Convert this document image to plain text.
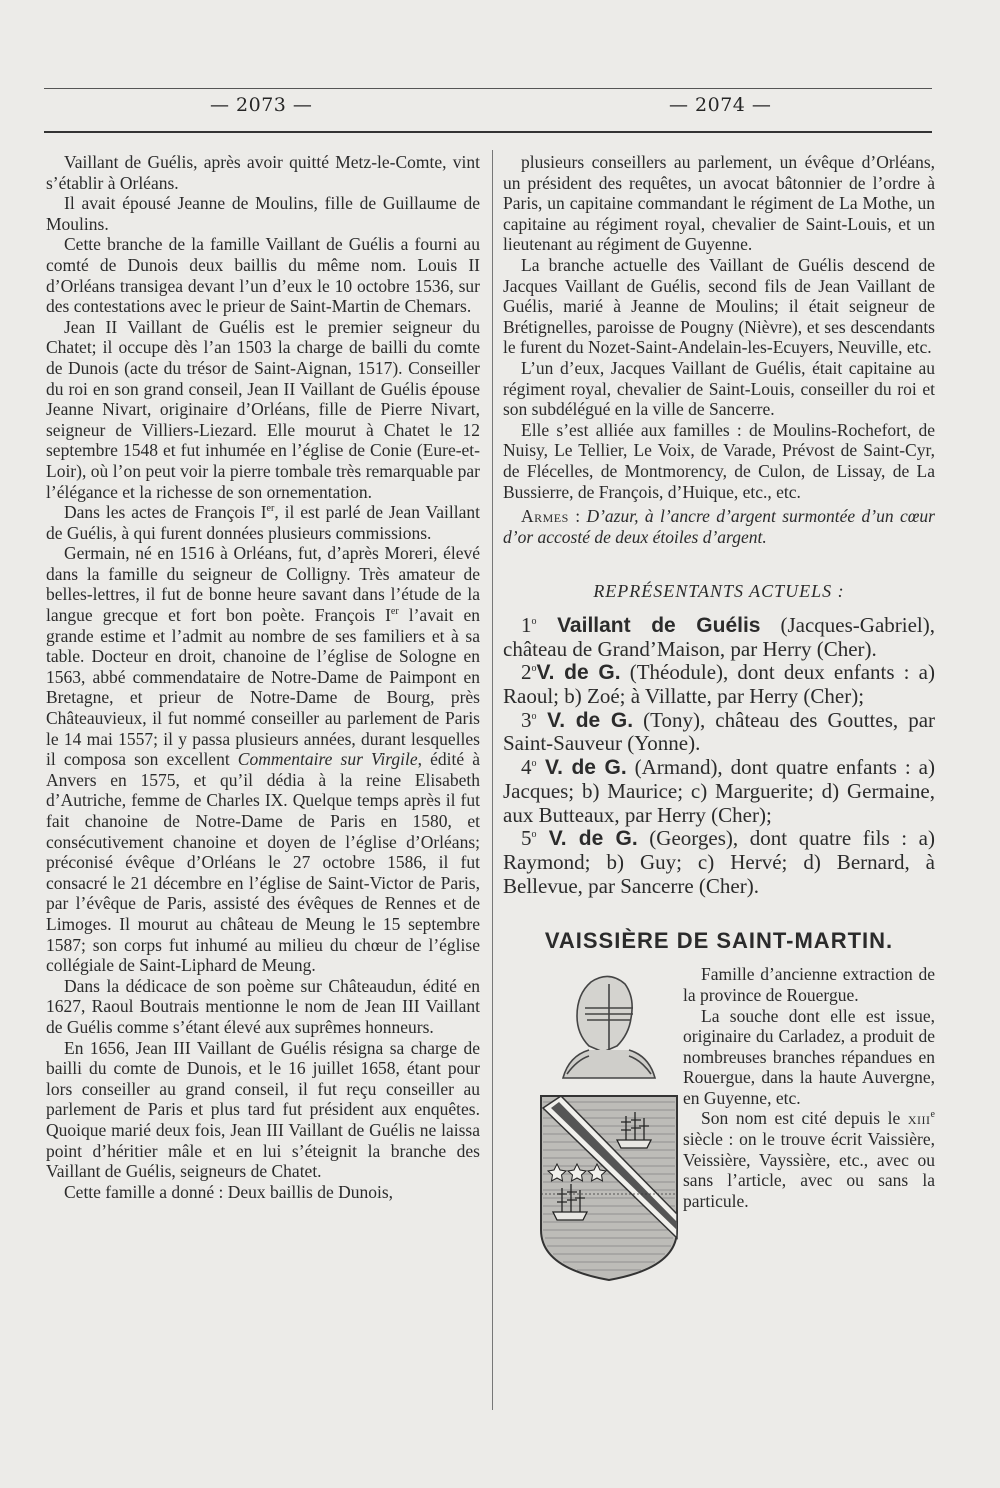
— 2073 —	— 2074 —

Vaillant de Guélis, après avoir quitté Metz-le-Comte, vint s’établir à Orléans.

Il avait épousé Jeanne de Moulins, fille de Guillaume de Moulins.

Cette branche de la famille Vaillant de Guélis a fourni au comté de Dunois deux baillis du même nom. Louis II d’Orléans transigea devant l’un d’eux le 10 octobre 1536, sur des contestations avec le prieur de Saint-Martin de Chemars.

Jean II Vaillant de Guélis est le premier seigneur du Chatet; il occupe dès l’an 1503 la charge de bailli du comte de Dunois (acte du trésor de Saint-Aignan, 1517). Conseiller du roi en son grand conseil, Jean II Vaillant de Guélis épouse Jeanne Nivart, originaire d’Orléans, fille de Pierre Nivart, seigneur de Villiers-Liezard. Elle mourut à Chatet le 12 septembre 1548 et fut inhumée en l’église de Conie (Eure-et-Loir), où l’on peut voir la pierre tombale très remarquable par l’élégance et la richesse de son ornementation.

Dans les actes de François Ier, il est parlé de Jean Vaillant de Guélis, à qui furent données plusieurs commissions.

Germain, né en 1516 à Orléans, fut, d’après Moreri, élevé dans la famille du seigneur de Colligny. Très amateur de belles-lettres, il fut de bonne heure savant dans l’étude de la langue grecque et fort bon poète. François Ier l’avait en grande estime et l’admit au nombre de ses familiers et à sa table. Docteur en droit, chanoine de l’église de Sologne en 1563, abbé commendataire de Notre-Dame de Paimpont en Bretagne, et prieur de Notre-Dame de Bourg, près Châteauvieux, il fut nommé conseiller au parlement de Paris le 14 mai 1557; il y passa plusieurs années, durant lesquelles il composa son excellent Commentaire sur Virgile, édité à Anvers en 1575, et qu’il dédia à la reine Elisabeth d’Autriche, femme de Charles IX. Quelque temps après il fut fait chanoine de Notre-Dame de Paris en 1580, et consécutivement chanoine et doyen de l’église d’Orléans; préconisé évêque d’Orléans le 27 octobre 1586, il fut consacré le 21 décembre en l’église de Saint-Victor de Paris, par l’évêque de Paris, assisté des évêques de Rennes et de Limoges. Il mourut au château de Meung le 15 septembre 1587; son corps fut inhumé au milieu du chœur de l’église collégiale de Saint-Liphard de Meung.

Dans la dédicace de son poème sur Châteaudun, édité en 1627, Raoul Boutrais mentionne le nom de Jean III Vaillant de Guélis comme s’étant élevé aux suprêmes honneurs.

En 1656, Jean III Vaillant de Guélis résigna sa charge de bailli du comte de Dunois, et le 16 juillet 1658, étant pour lors conseiller au grand conseil, il fut reçu conseiller au parlement de Paris et plus tard fut président aux enquêtes. Quoique marié deux fois, Jean III Vaillant de Guélis ne laissa point d’héritier mâle et en lui s’éteignit la branche des Vaillant de Guélis, seigneurs de Chatet.

Cette famille a donné : Deux baillis de Dunois,

plusieurs conseillers au parlement, un évêque d’Orléans, un président des requêtes, un avocat bâtonnier de l’ordre à Paris, un capitaine commandant le régiment de La Mothe, un capitaine au régiment royal, chevalier de Saint-Louis, et un lieutenant au régiment de Guyenne.

La branche actuelle des Vaillant de Guélis descend de Jacques Vaillant de Guélis, second fils de Jean Vaillant de Guélis, marié à Jeanne de Moulins; il était seigneur de Brétignelles, paroisse de Pougny (Nièvre), et ses descendants le furent du Nozet-Saint-Andelain-les-Ecuyers, Neuville, etc.

L’un d’eux, Jacques Vaillant de Guélis, était capitaine au régiment royal, chevalier de Saint-Louis, conseiller du roi et son subdélégué en la ville de Sancerre.

Elle s’est alliée aux familles : de Moulins-Rochefort, de Nuisy, Le Tellier, Le Voix, de Varade, Prévost de Saint-Cyr, de Flécelles, de Montmorency, de Culon, de Lissay, de La Bussierre, de François, d’Huique, etc., etc.

Armes : D’azur, à l’ancre d’argent surmontée d’un cœur d’or accosté de deux étoiles d’argent.

REPRÉSENTANTS ACTUELS :

1$^o$ Vaillant de Guélis (Jacques-Gabriel), château de Grand’Maison, par Herry (Cher).

2$^o$V. de G. (Théodule), dont deux enfants : a) Raoul; b) Zoé; à Villatte, par Herry (Cher);

3$^o$ V. de G. (Tony), château des Gouttes, par Saint-Sauveur (Yonne).

4$^o$ V. de G. (Armand), dont quatre enfants : a) Jacques; b) Maurice; c) Marguerite; d) Germaine, aux Butteaux, par Herry (Cher);

5$^o$ V. de G. (Georges), dont quatre fils : a) Raymond; b) Guy; c) Hervé; d) Bernard, à Bellevue, par Sancerre (Cher).

VAISSIÈRE DE SAINT-MARTIN.

Famille d’ancienne extraction de la province de Rouergue.

La souche dont elle est issue, originaire du Carladez, a produit de nombreuses branches répandues en Rouergue, dans la haute Auvergne, en Guyenne, etc.

Son nom est cité depuis le xiii$^e$ siècle : on le trouve écrit Vaissière, Veissière, Vayssière, etc., avec ou sans l’article, avec ou sans la particule.
